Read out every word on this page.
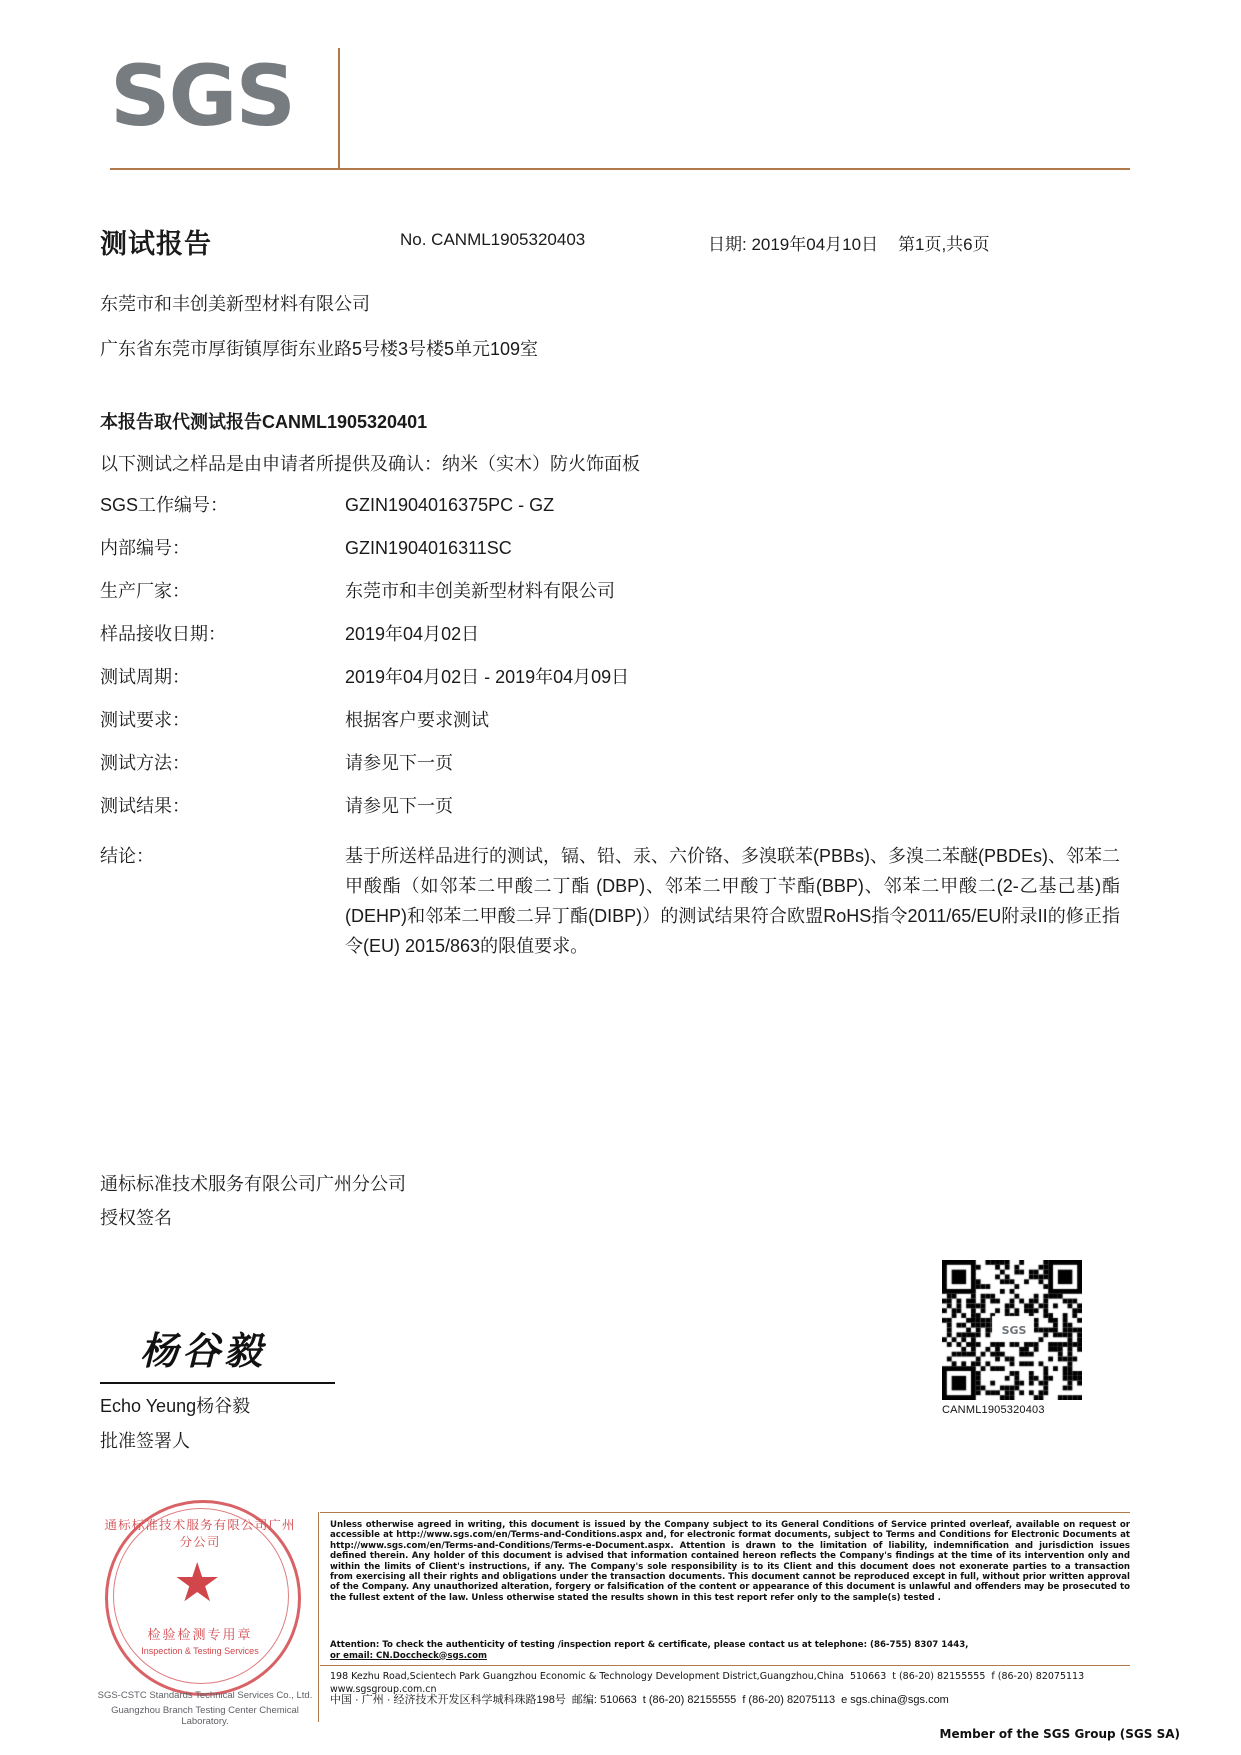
SGS
测试报告	No. CANML1905320403	日期: 2019年04月10日 第1页,共6页
东莞市和丰创美新型材料有限公司
广东省东莞市厚街镇厚街东业路5号楼3号楼5单元109室
本报告取代测试报告CANML1905320401
以下测试之样品是由申请者所提供及确认：纳米（实木）防火饰面板
SGS工作编号：	GZIN1904016375PC - GZ
内部编号：	GZIN1904016311SC
生产厂家：	东莞市和丰创美新型材料有限公司
样品接收日期：	2019年04月02日
测试周期：	2019年04月02日 - 2019年04月09日
测试要求：	根据客户要求测试
测试方法：	请参见下一页
测试结果：	请参见下一页
结论：	基于所送样品进行的测试，镉、铅、汞、六价铬、多溴联苯(PBBs)、多溴二苯醚(PBDEs)、邻苯二甲酸酯（如邻苯二甲酸二丁酯 (DBP)、邻苯二甲酸丁苄酯(BBP)、邻苯二甲酸二(2-乙基己基)酯(DEHP)和邻苯二甲酸二异丁酯(DIBP)）的测试结果符合欧盟RoHS指令2011/65/EU附录II的修正指令(EU) 2015/863的限值要求。
通标标准技术服务有限公司广州分公司
授权签名
杨谷毅
Echo Yeung杨谷毅
批准签署人
SGS
CANML1905320403
通标标准技术服务有限公司广州分公司
★
检验检测专用章
Inspection & Testing Services
SGS-CSTC Standards Technical Services Co., Ltd.
Guangzhou Branch Testing Center Chemical Laboratory.
Unless otherwise agreed in writing, this document is issued by the Company subject to its General Conditions of Service printed overleaf, available on request or accessible at http://www.sgs.com/en/Terms-and-Conditions.aspx and, for electronic format documents, subject to Terms and Conditions for Electronic Documents at http://www.sgs.com/en/Terms-and-Conditions/Terms-e-Document.aspx. Attention is drawn to the limitation of liability, indemnification and jurisdiction issues defined therein. Any holder of this document is advised that information contained hereon reflects the Company's findings at the time of its intervention only and within the limits of Client's instructions, if any. The Company's sole responsibility is to its Client and this document does not exonerate parties to a transaction from exercising all their rights and obligations under the transaction documents. This document cannot be reproduced except in full, without prior written approval of the Company. Any unauthorized alteration, forgery or falsification of the content or appearance of this document is unlawful and offenders may be prosecuted to the fullest extent of the law. Unless otherwise stated the results shown in this test report refer only to the sample(s) tested .
Attention: To check the authenticity of testing /inspection report & certificate, please contact us at telephone: (86-755) 8307 1443,
or email: CN.Doccheck@sgs.com
198 Kezhu Road,Scientech Park Guangzhou Economic & Technology Development District,Guangzhou,China 510663 t (86-20) 82155555 f (86-20) 82075113www.sgsgroup.com.cn
中国 · 广州 · 经济技术开发区科学城科珠路198号 邮编: 510663 t (86-20) 82155555 f (86-20) 82075113 e sgs.china@sgs.com
Member of the SGS Group (SGS SA)
